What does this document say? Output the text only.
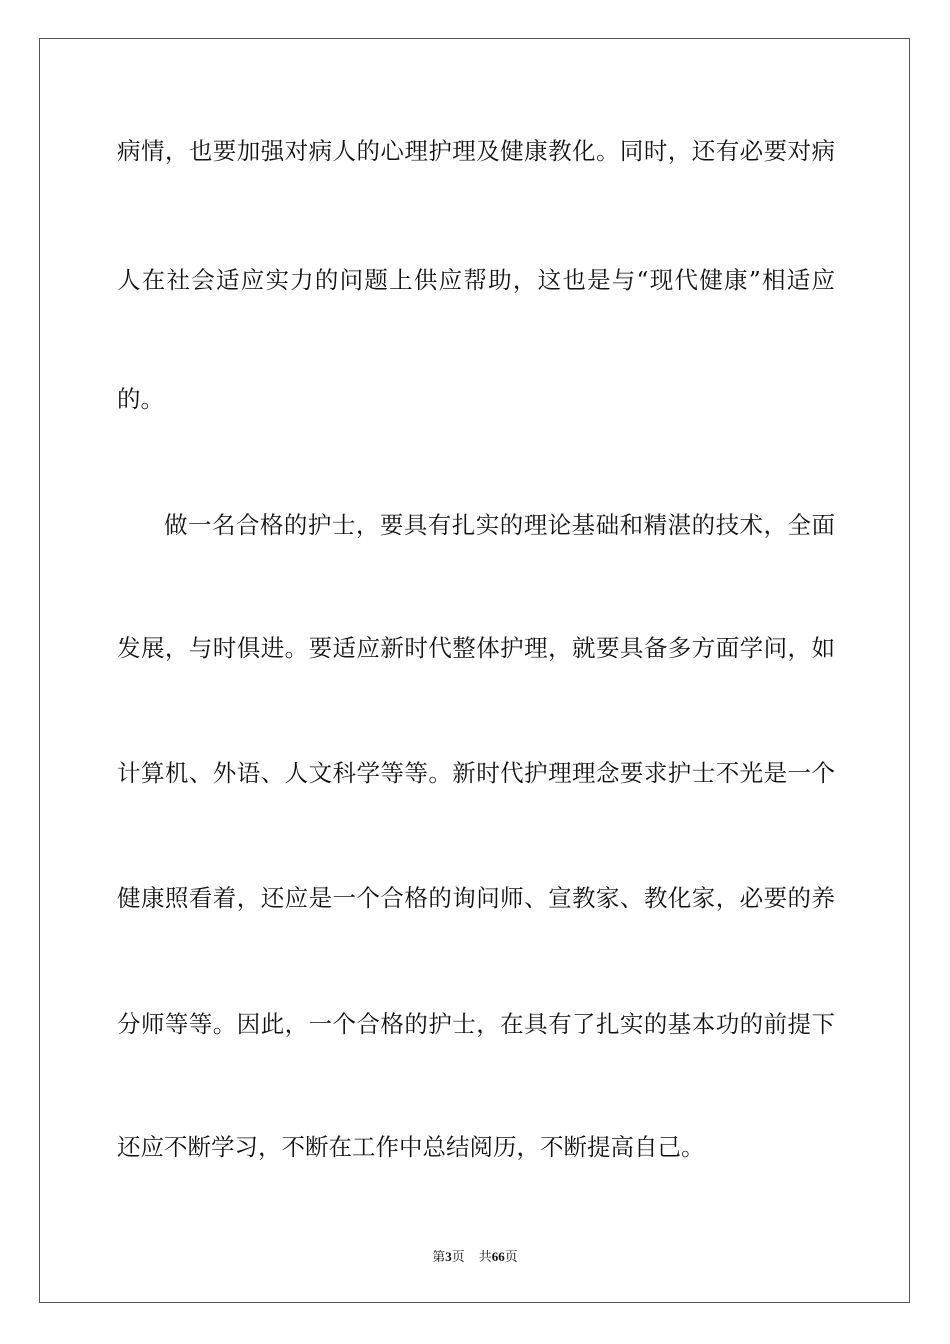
病情，也要加强对病人的心理护理及健康教化。同时，还有必要对病
人在社会适应实力的问题上供应帮助，这也是与“现代健康”相适应
的。
做一名合格的护士，要具有扎实的理论基础和精湛的技术，全面
发展，与时俱进。要适应新时代整体护理，就要具备多方面学问，如
计算机、外语、人文科学等等。新时代护理理念要求护士不光是一个
健康照看着，还应是一个合格的询问师、宣教家、教化家，必要的养
分师等等。因此，一个合格的护士，在具有了扎实的基本功的前提下
还应不断学习，不断在工作中总结阅历，不断提高自己。
第3页 共66页
